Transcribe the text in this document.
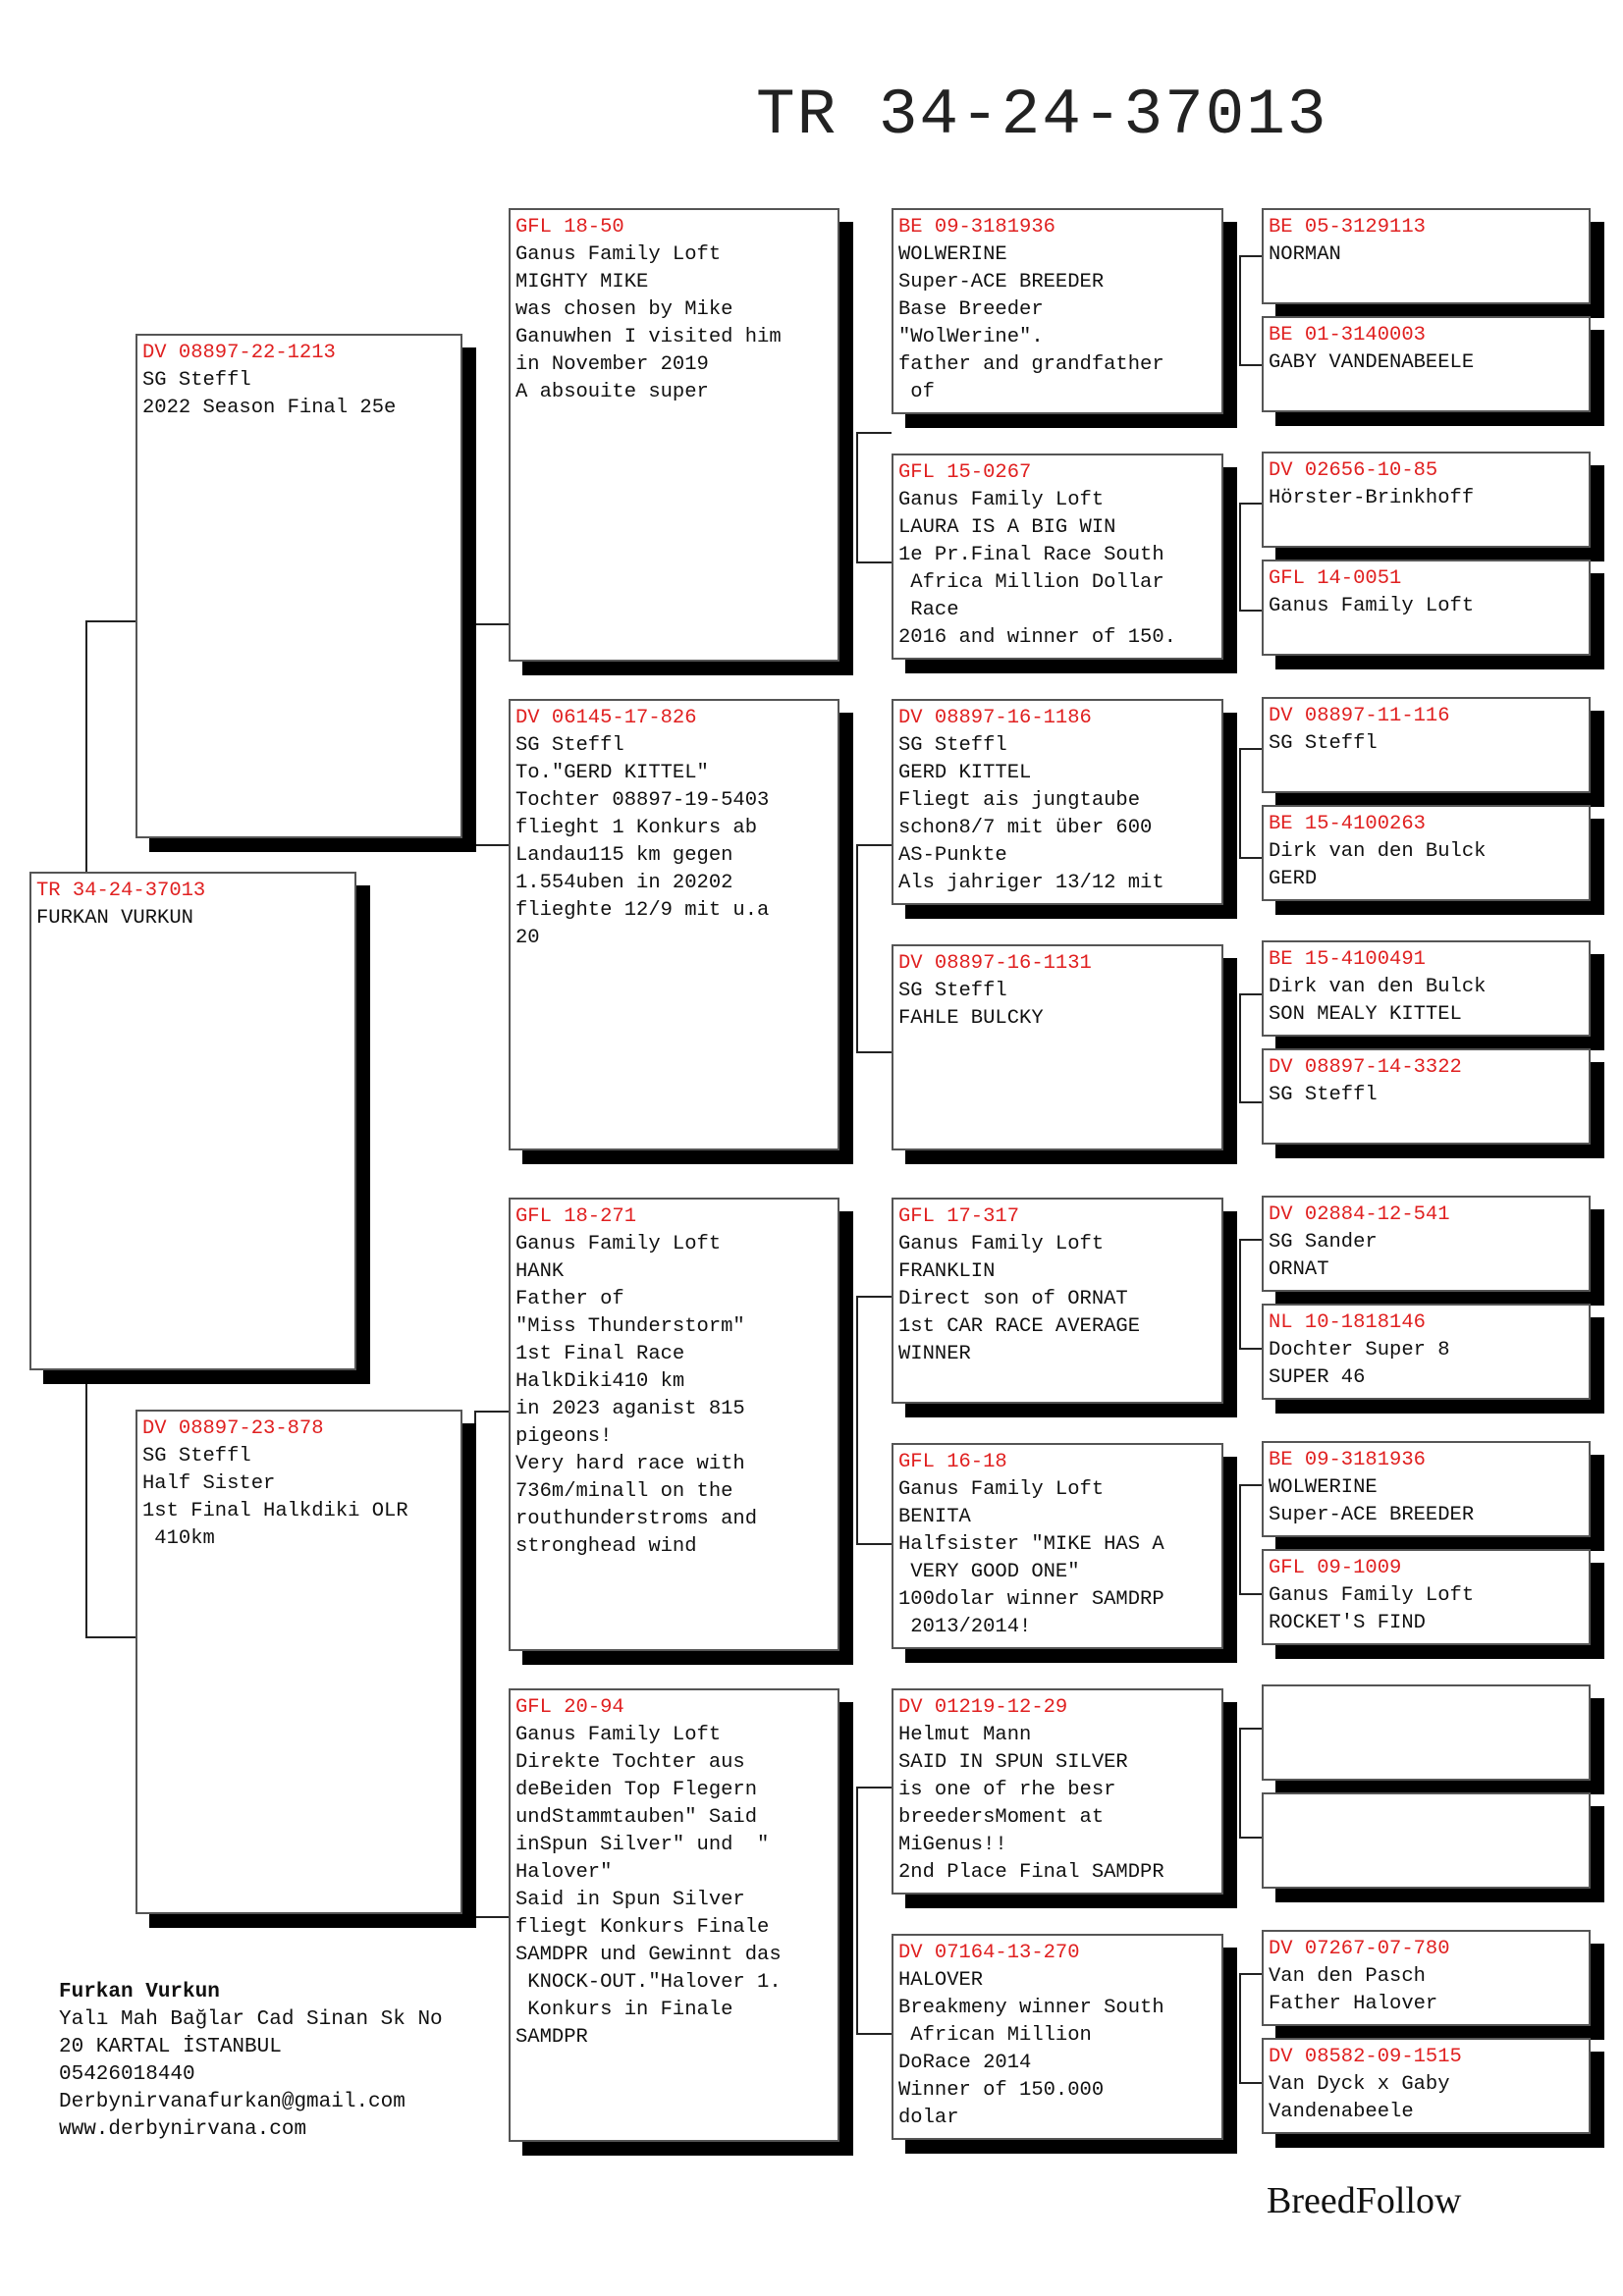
TR 34-24-37013
TR 34-24-37013
FURKAN VURKUN
DV 08897-22-1213
SG Steffl
2022 Season Final 25e
DV 08897-23-878
SG Steffl
Half Sister
1st Final Halkdiki OLR
410km
GFL 18-50
Ganus Family Loft
MIGHTY MIKE
was chosen by Mike
Ganuwhen I visited him
in November 2019
A absouite super
DV 06145-17-826
SG Steffl
To."GERD KITTEL"
Tochter 08897-19-5403
flieght 1 Konkurs ab
Landau115 km gegen
1.554uben in 20202
flieghte 12/9 mit u.a
20
GFL 18-271
Ganus Family Loft
HANK
Father of
"Miss Thunderstorm"
1st Final Race
HalkDiki410 km
in 2023 aganist 815
pigeons!
Very hard race with
736m/minall on the
routhunderstroms and
stronghead wind
GFL 20-94
Ganus Family Loft
Direkte Tochter aus
deBeiden Top Flegern
undStammtauben" Said
inSpun Silver" und  "
Halover"
Said in Spun Silver
fliegt Konkurs Finale
SAMDPR und Gewinnt das
KNOCK-OUT."Halover 1.
Konkurs in Finale
SAMDPR
BE 09-3181936
WOLWERINE
Super-ACE BREEDER
Base Breeder
"WolWerine".
father and grandfather
of
GFL 15-0267
Ganus Family Loft
LAURA IS A BIG WIN
1e Pr.Final Race South
Africa Million Dollar
Race
2016 and winner of 150.
DV 08897-16-1186
SG Steffl
GERD KITTEL
Fliegt ais jungtaube
schon8/7 mit über 600
AS-Punkte
Als jahriger 13/12 mit
DV 08897-16-1131
SG Steffl
FAHLE BULCKY
GFL 17-317
Ganus Family Loft
FRANKLIN
Direct son of ORNAT
1st CAR RACE AVERAGE
WINNER
GFL 16-18
Ganus Family Loft
BENITA
Halfsister "MIKE HAS A
VERY GOOD ONE"
100dolar winner SAMDRP
2013/2014!
DV 01219-12-29
Helmut Mann
SAID IN SPUN SILVER
is one of rhe besr
breedersMoment at
MiGenus!!
2nd Place Final SAMDPR
DV 07164-13-270
HALOVER
Breakmeny winner South
African Million
DoRace 2014
Winner of 150.000
dolar
BE 05-3129113
NORMAN
BE 01-3140003
GABY VANDENABEELE
DV 02656-10-85
Hörster-Brinkhoff
GFL 14-0051
Ganus Family Loft
DV 08897-11-116
SG Steffl
BE 15-4100263
Dirk van den Bulck
GERD
BE 15-4100491
Dirk van den Bulck
SON MEALY KITTEL
DV 08897-14-3322
SG Steffl
DV 02884-12-541
SG Sander
ORNAT
NL 10-1818146
Dochter Super 8
SUPER 46
BE 09-3181936
WOLWERINE
Super-ACE BREEDER
GFL 09-1009
Ganus Family Loft
ROCKET'S FIND
DV 07267-07-780
Van den Pasch
Father Halover
DV 08582-09-1515
Van Dyck x Gaby
Vandenabeele
Furkan Vurkun
Yalı Mah Bağlar Cad Sinan Sk No
20 KARTAL İSTANBUL
05426018440
Derbynirvanafurkan@gmail.com
www.derbynirvana.com
BreedFollow
